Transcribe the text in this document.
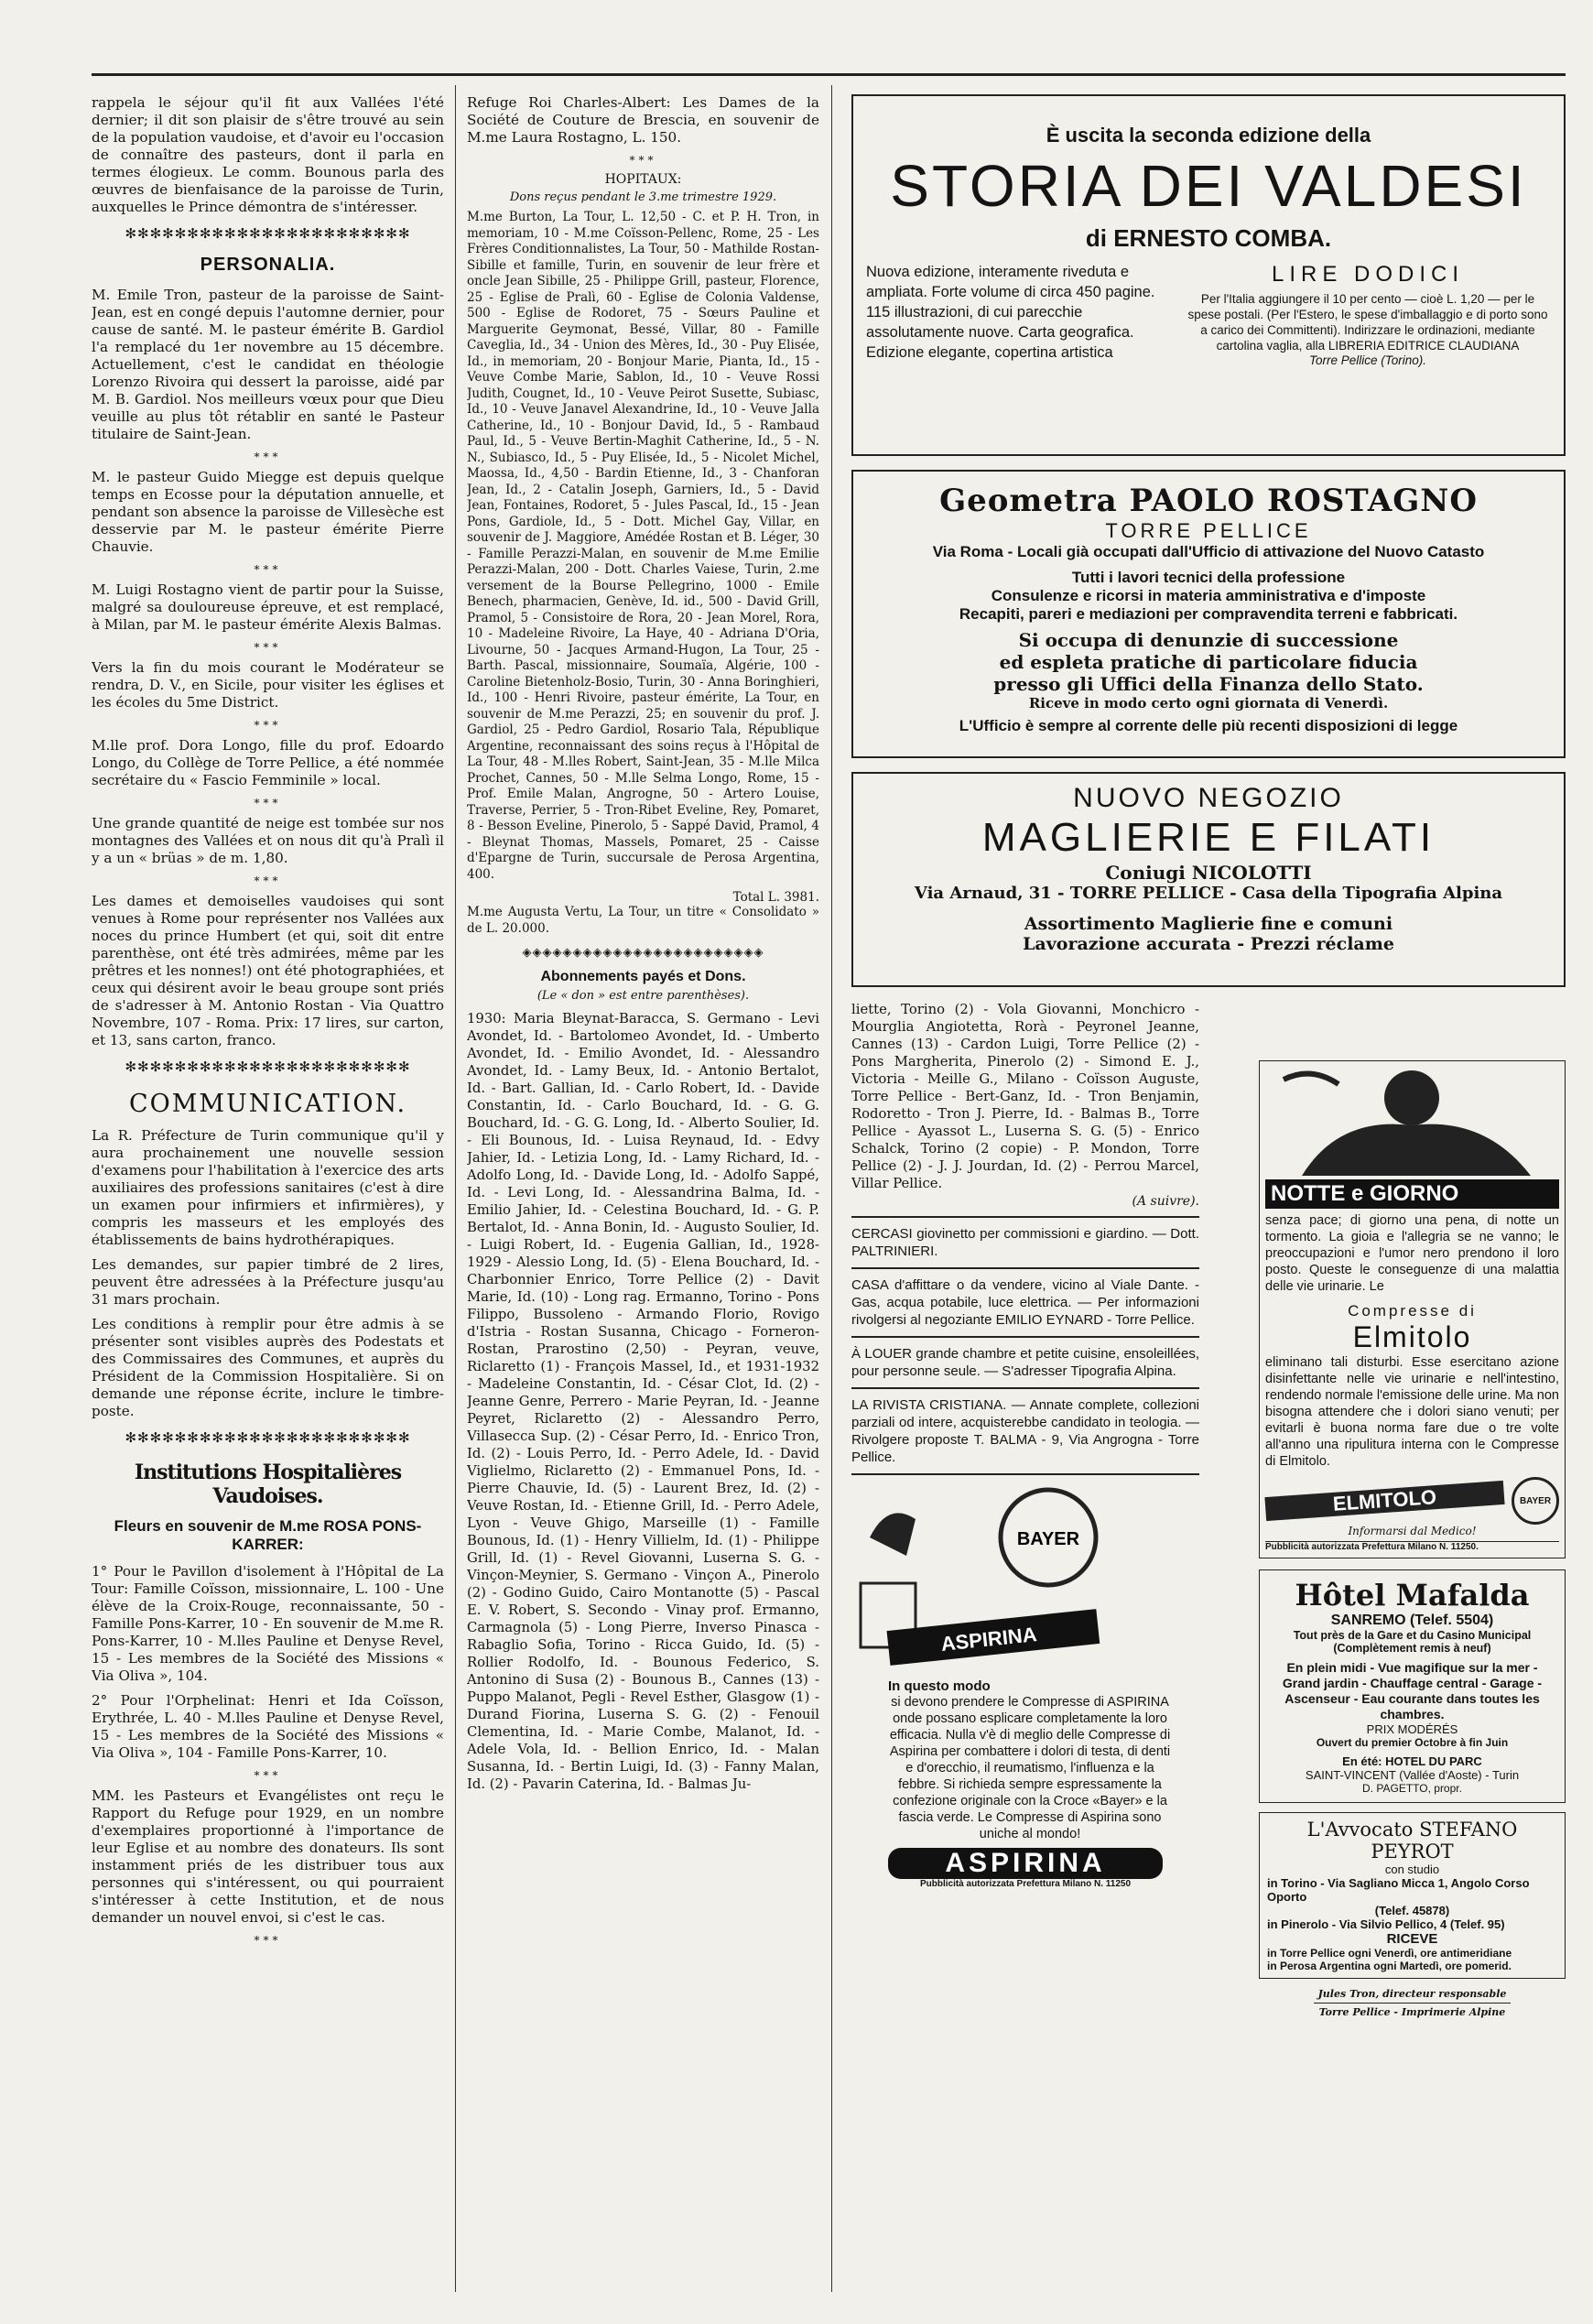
rappela le séjour qu'il fit aux Vallées l'été dernier; il dit son plaisir de s'être trouvé au sein de la population vaudoise, et d'avoir eu l'occasion de connaître des pasteurs, dont il parla en termes élogieux. Le comm. Bounous parla des œuvres de bienfaisance de la paroisse de Turin, auxquelles le Prince démontra de s'intéresser.

✻✻✻✻✻✻✻✻✻✻✻✻✻✻✻✻✻✻✻✻✻✻✻
PERSONALIA.

M. Emile Tron, pasteur de la paroisse de Saint-Jean, est en congé depuis l'automne dernier, pour cause de santé. M. le pasteur émérite B. Gardiol l'a remplacé du 1er novembre au 15 décembre. Actuellement, c'est le candidat en théologie Lorenzo Rivoira qui dessert la paroisse, aidé par M. B. Gardiol. Nos meilleurs vœux pour que Dieu veuille au plus tôt rétablir en santé le Pasteur titulaire de Saint-Jean.

***

M. le pasteur Guido Miegge est depuis quelque temps en Ecosse pour la députation annuelle, et pendant son absence la paroisse de Villesèche est desservie par M. le pasteur émérite Pierre Chauvie.

***

M. Luigi Rostagno vient de partir pour la Suisse, malgré sa douloureuse épreuve, et est remplacé, à Milan, par M. le pasteur émérite Alexis Balmas.

***

Vers la fin du mois courant le Modérateur se rendra, D. V., en Sicile, pour visiter les églises et les écoles du 5me District.

***

M.lle prof. Dora Longo, fille du prof. Edoardo Longo, du Collège de Torre Pellice, a été nommée secrétaire du « Fascio Femminile » local.

***

Une grande quantité de neige est tombée sur nos montagnes des Vallées et on nous dit qu'à Pralì il y a un « brüas » de m. 1,80.

***

Les dames et demoiselles vaudoises qui sont venues à Rome pour représenter nos Vallées aux noces du prince Humbert (et qui, soit dit entre parenthèse, ont été très admirées, même par les prêtres et les nonnes!) ont été photographiées, et ceux qui désirent avoir le beau groupe sont priés de s'adresser à M. Antonio Rostan - Via Quattro Novembre, 107 - Roma. Prix: 17 lires, sur carton, et 13, sans carton, franco.

✻✻✻✻✻✻✻✻✻✻✻✻✻✻✻✻✻✻✻✻✻✻✻
COMMUNICATION.

La R. Préfecture de Turin communique qu'il y aura prochainement une nouvelle session d'examens pour l'habilitation à l'exercice des arts auxiliaires des professions sanitaires (c'est à dire un examen pour infirmiers et infirmières), y compris les masseurs et les employés des établissements de bains hydrothérapiques.

Les demandes, sur papier timbré de 2 lires, peuvent être adressées à la Préfecture jusqu'au 31 mars prochain.

Les conditions à remplir pour être admis à se présenter sont visibles auprès des Podestats et des Commissaires des Communes, et auprès du Président de la Commission Hospitalière. Si on demande une réponse écrite, inclure le timbre-poste.

✻✻✻✻✻✻✻✻✻✻✻✻✻✻✻✻✻✻✻✻✻✻✻
Institutions Hospitalières Vaudoises.
Fleurs en souvenir de M.me ROSA PONS-KARRER:

1° Pour le Pavillon d'isolement à l'Hôpital de La Tour: Famille Coïsson, missionnaire, L. 100 - Une élève de la Croix-Rouge, reconnaissante, 50 - Famille Pons-Karrer, 10 - En souvenir de M.me R. Pons-Karrer, 10 - M.lles Pauline et Denyse Revel, 15 - Les membres de la Société des Missions « Via Oliva », 104.

2° Pour l'Orphelinat: Henri et Ida Coïsson, Erythrée, L. 40 - M.lles Pauline et Denyse Revel, 15 - Les membres de la Société des Missions « Via Oliva », 104 - Famille Pons-Karrer, 10.

***

MM. les Pasteurs et Evangélistes ont reçu le Rapport du Refuge pour 1929, en un nombre d'exemplaires proportionné à l'importance de leur Eglise et au nombre des donateurs. Ils sont instamment priés de les distribuer tous aux personnes qui s'intéressent, ou qui pourraient s'intéresser à cette Institution, et de nous demander un nouvel envoi, si c'est le cas.

***

Refuge Roi Charles-Albert: Les Dames de la Société de Couture de Brescia, en souvenir de M.me Laura Rostagno, L. 150.

***
HOPITAUX:
Dons reçus pendant le 3.me trimestre 1929.

M.me Burton, La Tour, L. 12,50 - C. et P. H. Tron, in memoriam, 10 - M.me Coïsson-Pellenc, Rome, 25 - Les Frères Conditionnalistes, La Tour, 50 - Mathilde Rostan-Sibille et famille, Turin, en souvenir de leur frère et oncle Jean Sibille, 25 - Philippe Grill, pasteur, Florence, 25 - Eglise de Pralì, 60 - Eglise de Colonia Valdense, 500 - Eglise de Rodoret, 75 - Sœurs Pauline et Marguerite Geymonat, Bessé, Villar, 80 - Famille Caveglia, Id., 34 - Union des Mères, Id., 30 - Puy Elisée, Id., in memoriam, 20 - Bonjour Marie, Pianta, Id., 15 - Veuve Combe Marie, Sablon, Id., 10 - Veuve Rossi Judith, Cougnet, Id., 10 - Veuve Peirot Susette, Subiasc, Id., 10 - Veuve Janavel Alexandrine, Id., 10 - Veuve Jalla Catherine, Id., 10 - Bonjour David, Id., 5 - Rambaud Paul, Id., 5 - Veuve Bertin-Maghit Catherine, Id., 5 - N. N., Subiasco, Id., 5 - Puy Elisée, Id., 5 - Nicolet Michel, Maossa, Id., 4,50 - Bardin Etienne, Id., 3 - Chanforan Jean, Id., 2 - Catalin Joseph, Garniers, Id., 5 - David Jean, Fontaines, Rodoret, 5 - Jules Pascal, Id., 15 - Jean Pons, Gardiole, Id., 5 - Dott. Michel Gay, Villar, en souvenir de J. Maggiore, Amédée Rostan et B. Léger, 30 - Famille Perazzi-Malan, en souvenir de M.me Emilie Perazzi-Malan, 200 - Dott. Charles Vaiese, Turin, 2.me versement de la Bourse Pellegrino, 1000 - Emile Benech, pharmacien, Genève, Id. id., 500 - David Grill, Pramol, 5 - Consistoire de Rora, 20 - Jean Morel, Rora, 10 - Madeleine Rivoire, La Haye, 40 - Adriana D'Oria, Livourne, 50 - Jacques Armand-Hugon, La Tour, 25 - Barth. Pascal, missionnaire, Soumaïa, Algérie, 100 - Caroline Bietenholz-Bosio, Turin, 30 - Anna Boringhieri, Id., 100 - Henri Rivoire, pasteur émérite, La Tour, en souvenir de M.me Perazzi, 25; en souvenir du prof. J. Gardiol, 25 - Pedro Gardiol, Rosario Tala, République Argentine, reconnaissant des soins reçus à l'Hôpital de La Tour, 48 - M.lles Robert, Saint-Jean, 35 - M.lle Milca Prochet, Cannes, 50 - M.lle Selma Longo, Rome, 15 - Prof. Emile Malan, Angrogne, 50 - Artero Louise, Traverse, Perrier, 5 - Tron-Ribet Eveline, Rey, Pomaret, 8 - Besson Eveline, Pinerolo, 5 - Sappé David, Pramol, 4 - Bleynat Thomas, Massels, Pomaret, 25 - Caisse d'Epargne de Turin, succursale de Perosa Argentina, 400.

Total L. 3981.

M.me Augusta Vertu, La Tour, un titre « Consolidato » de L. 20.000.

◈◈◈◈◈◈◈◈◈◈◈◈◈◈◈◈◈◈◈◈◈◈◈◈
Abonnements payés et Dons.
(Le « don » est entre parenthèses).

1930: Maria Bleynat-Baracca, S. Germano - Levi Avondet, Id. - Bartolomeo Avondet, Id. - Umberto Avondet, Id. - Emilio Avondet, Id. - Alessandro Avondet, Id. - Lamy Beux, Id. - Antonio Bertalot, Id. - Bart. Gallian, Id. - Carlo Robert, Id. - Davide Constantin, Id. - Carlo Bouchard, Id. - G. G. Bouchard, Id. - G. G. Long, Id. - Alberto Soulier, Id. - Eli Bounous, Id. - Luisa Reynaud, Id. - Edvy Jahier, Id. - Letizia Long, Id. - Lamy Richard, Id. - Adolfo Long, Id. - Davide Long, Id. - Adolfo Sappé, Id. - Levi Long, Id. - Alessandrina Balma, Id. - Emilio Jahier, Id. - Celestina Bouchard, Id. - G. P. Bertalot, Id. - Anna Bonin, Id. - Augusto Soulier, Id. - Luigi Robert, Id. - Eugenia Gallian, Id., 1928-1929 - Alessio Long, Id. (5) - Elena Bouchard, Id. - Charbonnier Enrico, Torre Pellice (2) - Davit Marie, Id. (10) - Long rag. Ermanno, Torino - Pons Filippo, Bussoleno - Armando Florio, Rovigo d'Istria - Rostan Susanna, Chicago - Forneron-Rostan, Prarostino (2,50) - Peyran, veuve, Riclaretto (1) - François Massel, Id., et 1931-1932 - Madeleine Constantin, Id. - César Clot, Id. (2) - Jeanne Genre, Perrero - Marie Peyran, Id. - Jeanne Peyret, Riclaretto (2) - Alessandro Perro, Villasecca Sup. (2) - César Perro, Id. - Enrico Tron, Id. (2) - Louis Perro, Id. - Perro Adele, Id. - David Viglielmo, Riclaretto (2) - Emmanuel Pons, Id. - Pierre Chauvie, Id. (5) - Laurent Brez, Id. (2) - Veuve Rostan, Id. - Etienne Grill, Id. - Perro Adele, Lyon - Veuve Ghigo, Marseille (1) - Famille Bounous, Id. (1) - Henry Villielm, Id. (1) - Philippe Grill, Id. (1) - Revel Giovanni, Luserna S. G. - Vinçon-Meynier, S. Germano - Vinçon A., Pinerolo (2) - Godino Guido, Cairo Montanotte (5) - Pascal E. V. Robert, S. Secondo - Vinay prof. Ermanno, Carmagnola (5) - Long Pierre, Inverso Pinasca - Rabaglio Sofia, Torino - Ricca Guido, Id. (5) - Rollier Rodolfo, Id. - Bounous Federico, S. Antonino di Susa (2) - Bounous B., Cannes (13) - Puppo Malanot, Pegli - Revel Esther, Glasgow (1) - Durand Fiorina, Luserna S. G. (2) - Fenouil Clementina, Id. - Marie Combe, Malanot, Id. - Adele Vola, Id. - Bellion Enrico, Id. - Malan Susanna, Id. - Bertin Luigi, Id. (3) - Fanny Malan, Id. (2) - Pavarin Caterina, Id. - Balmas Ju-

È uscita la seconda edizione della
STORIA DEI VALDESI
di ERNESTO COMBA.
Nuova edizione, interamente riveduta e ampliata. Forte volume di circa 450 pagine. 115 illustrazioni, di cui parecchie assolutamente nuove. Carta geografica. Edizione elegante, copertina artistica
LIRE DODICI
Per l'Italia aggiungere il 10 per cento — cioè L. 1,20 — per le spese postali. (Per l'Estero, le spese d'imballaggio e di porto sono a carico dei Committenti). Indirizzare le ordinazioni, mediante cartolina vaglia, alla LIBRERIA EDITRICE CLAUDIANA
Torre Pellice (Torino).
Geometra PAOLO ROSTAGNO
TORRE PELLICE
Via Roma - Locali già occupati dall'Ufficio di attivazione del Nuovo Catasto
Tutti i lavori tecnici della professione
Consulenze e ricorsi in materia amministrativa e d'imposte
Recapiti, pareri e mediazioni per compravendita terreni e fabbricati.
Si occupa di denunzie di successione
ed espleta pratiche di particolare fiducia
presso gli Uffici della Finanza dello Stato.
Riceve in modo certo ogni giornata di Venerdì.
L'Ufficio è sempre al corrente delle più recenti disposizioni di legge
NUOVO NEGOZIO
MAGLIERIE E FILATI
Coniugi NICOLOTTI
Via Arnaud, 31 - TORRE PELLICE - Casa della Tipografia Alpina
Assortimento Maglierie fine e comuni
Lavorazione accurata - Prezzi réclame

liette, Torino (2) - Vola Giovanni, Monchicro - Mourglia Angiotetta, Rorà - Peyronel Jeanne, Cannes (13) - Cardon Luigi, Torre Pellice (2) - Pons Margherita, Pinerolo (2) - Simond E. J., Victoria - Meille G., Milano - Coïsson Auguste, Torre Pellice - Bert-Ganz, Id. - Tron Benjamin, Rodoretto - Tron J. Pierre, Id. - Balmas B., Torre Pellice - Ayassot L., Luserna S. G. (5) - Enrico Schalck, Torino (2 copie) - P. Mondon, Torre Pellice (2) - J. J. Jourdan, Id. (2) - Perrou Marcel, Villar Pellice.

(A suivre).

CERCASI giovinetto per commissioni e giardino. — Dott. PALTRINIERI.

CASA d'affittare o da vendere, vicino al Viale Dante. - Gas, acqua potabile, luce elettrica. — Per informazioni rivolgersi al negoziante EMILIO EYNARD - Torre Pellice.

À LOUER grande chambre et petite cuisine, ensoleillées, pour personne seule. — S'adresser Tipografia Alpina.

LA RIVISTA CRISTIANA. — Annate complete, collezioni parziali od intere, acquisterebbe candidato in teologia. — Rivolgere proposte T. BALMA - 9, Via Angrogna - Torre Pellice.

BAYER
ASPIRINA
In questo modo
si devono prendere le Compresse di ASPIRINA onde possano esplicare completamente la loro efficacia. Nulla v'è di meglio delle Compresse di Aspirina per combattere i dolori di testa, di denti e d'orecchio, il reumatismo, l'influenza e la febbre. Si richieda sempre espressamente la confezione originale con la Croce «Bayer» e la fascia verde. Le Compresse di Aspirina sono uniche al mondo!
ASPIRINA
Pubblicità autorizzata Prefettura Milano N. 11250
NOTTE e GIORNO

senza pace; di giorno una pena, di notte un tormento. La gioia e l'allegria se ne vanno; le preoccupazioni e l'umor nero prendono il loro posto. Queste le conseguenze di una malattia delle vie urinarie. Le

Compresse di
Elmitolo

eliminano tali disturbi. Esse esercitano azione disinfettante nelle vie urinarie e nell'intestino, rendendo normale l'emissione delle urine. Ma non bisogna attendere che i dolori siano venuti; per evitarli è buona norma fare due o tre volte all'anno una ripulitura interna con le Compresse di Elmitolo.

ELMITOLO	BAYER
Informarsi dal Medico!
Pubblicità autorizzata Prefettura Milano N. 11250.
Hôtel Mafalda
SANREMO (Telef. 5504)
Tout près de la Gare et du Casino Municipal
(Complètement remis à neuf)
En plein midi - Vue magifique sur la mer - Grand jardin - Chauffage central - Garage - Ascenseur - Eau courante dans toutes les chambres.
PRIX MODÉRÉS
Ouvert du premier Octobre à fin Juin
En été: HOTEL DU PARC
SAINT-VINCENT (Vallée d'Aoste) - Turin
D. PAGETTO, propr.
L'Avvocato STEFANO PEYROT
con studio
in Torino - Via Sagliano Micca 1, Angolo Corso Oporto
(Telef. 45878)
in Pinerolo - Via Silvio Pellico, 4 (Telef. 95)
RICEVE
in Torre Pellice ogni Venerdì, ore antimeridiane
in Perosa Argentina ogni Martedì, ore pomerid.
Jules Tron, directeur responsable
Torre Pellice - Imprimerie Alpine
